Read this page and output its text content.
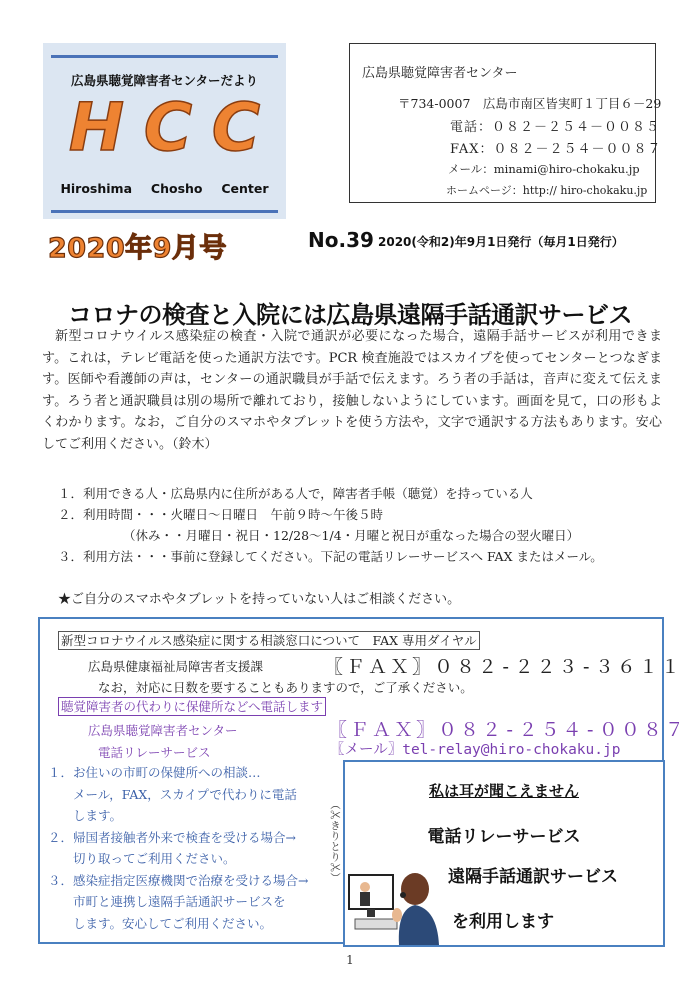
広島県聴覚障害者センターだより
H C C
Hiroshima Chosho Center
2020年9月号
広島県聴覚障害者センター
〒734-0007　広島市南区皆実町１丁目６－29
電話：０８２－２５４－００８５
FAX：０８２－２５４－００８７
メール：minami@hiro-chokaku.jp
ホームページ：http:// hiro-chokaku.jp
No.39 2020(令和2)年9月1日発行（毎月1日発行）
コロナの検査と入院には広島県遠隔手話通訳サービス

新型コロナウイルス感染症の検査・入院で通訳が必要になった場合，遠隔手話サービスが利用できます。これは，テレビ電話を使った通訳方法です。PCR 検査施設ではスカイプを使ってセンターとつなぎます。医師や看護師の声は，センターの通訳職員が手話で伝えます。ろう者の手話は，音声に変えて伝えます。ろう者と通訳職員は別の場所で離れており，接触しないようにしています。画面を見て，口の形もよくわかります。なお，ご自分のスマホやタブレットを使う方法や，文字で通訳する方法もあります。安心してご利用ください。（鈴木）

１．利用できる人・広島県内に住所がある人で，障害者手帳（聴覚）を持っている人
２．利用時間・・・火曜日～日曜日　午前９時～午後５時
（休み・・月曜日・祝日・12/28～1/4・月曜と祝日が重なった場合の翌火曜日）
３．利用方法・・・事前に登録してください。下記の電話リレーサービスへ FAX またはメール。
★ご自分のスマホやタブレットを持っていない人はご相談ください。
新型コロナウイルス感染症に関する相談窓口について　FAX 専用ダイヤル
広島県健康福祉局障害者支援課	〖ＦＡＸ〗０８２-２２３-３６１１
なお，対応に日数を要することもありますので，ご了承ください。
聴覚障害者の代わりに保健所などへ電話します
広島県聴覚障害者センター	〖ＦＡＸ〗０８２-２５４-００８７
電話リレーサービス	〖メール〗tel-relay@hiro-chokaku.jp
１．お住いの市町の保健所への相談…
　　メール，FAX，スカイプで代わりに電話
　　します。
２．帰国者接触者外来で検査を受ける場合→
　　切り取ってご利用ください。
３．感染症指定医療機関で治療を受ける場合→
　　市町と連携し遠隔手話通訳サービスを
　　します。安心してご利用ください。
（✂きりとり✂）
私は耳が聞こえません
電話リレーサービス
遠隔手話通訳サービス
を利用します
1
